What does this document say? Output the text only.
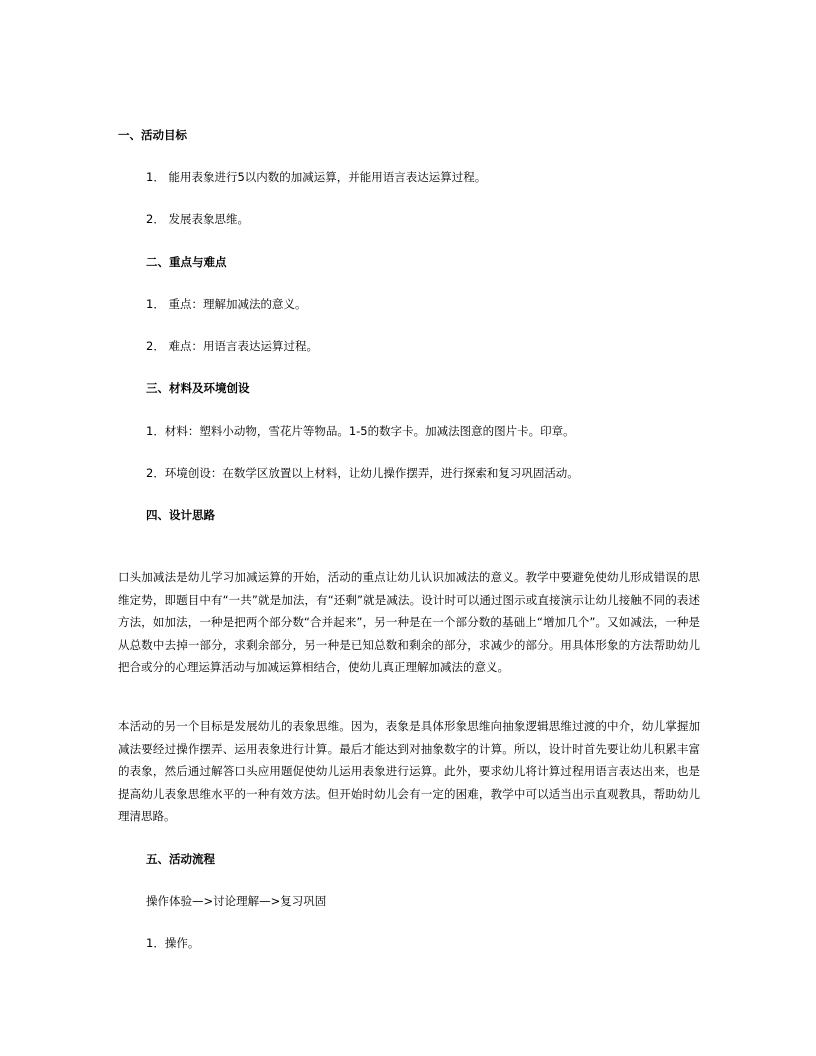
一、活动目标
1． 能用表象进行5以内数的加减运算，并能用语言表达运算过程。
2． 发展表象思维。
二、重点与难点
1． 重点：理解加减法的意义。
2． 难点：用语言表达运算过程。
三、材料及环境创设
1．材料：塑料小动物，雪花片等物品。1-5的数字卡。加减法图意的图片卡。印章。
2．环境创设：在数学区放置以上材料，让幼儿操作摆弄，进行探索和复习巩固活动。
四、设计思路
口头加减法是幼儿学习加减运算的开始，活动的重点让幼儿认识加减法的意义。教学中要避免使幼儿形成错误的思维定势，即题目中有“一共”就是加法，有“还剩”就是减法。设计时可以通过图示或直接演示让幼儿接触不同的表述方法，如加法，一种是把两个部分数“合并起来”，另一种是在一个部分数的基础上“增加几个”。又如减法，一种是从总数中去掉一部分，求剩余部分，另一种是已知总数和剩余的部分，求减少的部分。用具体形象的方法帮助幼儿把合或分的心理运算活动与加减运算相结合，使幼儿真正理解加减法的意义。
本活动的另一个目标是发展幼儿的表象思维。因为，表象是具体形象思维向抽象逻辑思维过渡的中介，幼儿掌握加减法要经过操作摆弄、运用表象进行计算。最后才能达到对抽象数字的计算。所以，设计时首先要让幼儿积累丰富的表象，然后通过解答口头应用题促使幼儿运用表象进行运算。此外，要求幼儿将计算过程用语言表达出来，也是提高幼儿表象思维水平的一种有效方法。但开始时幼儿会有一定的困难，教学中可以适当出示直观教具，帮助幼儿理清思路。
五、活动流程
操作体验—>讨论理解—>复习巩固
1．操作。
